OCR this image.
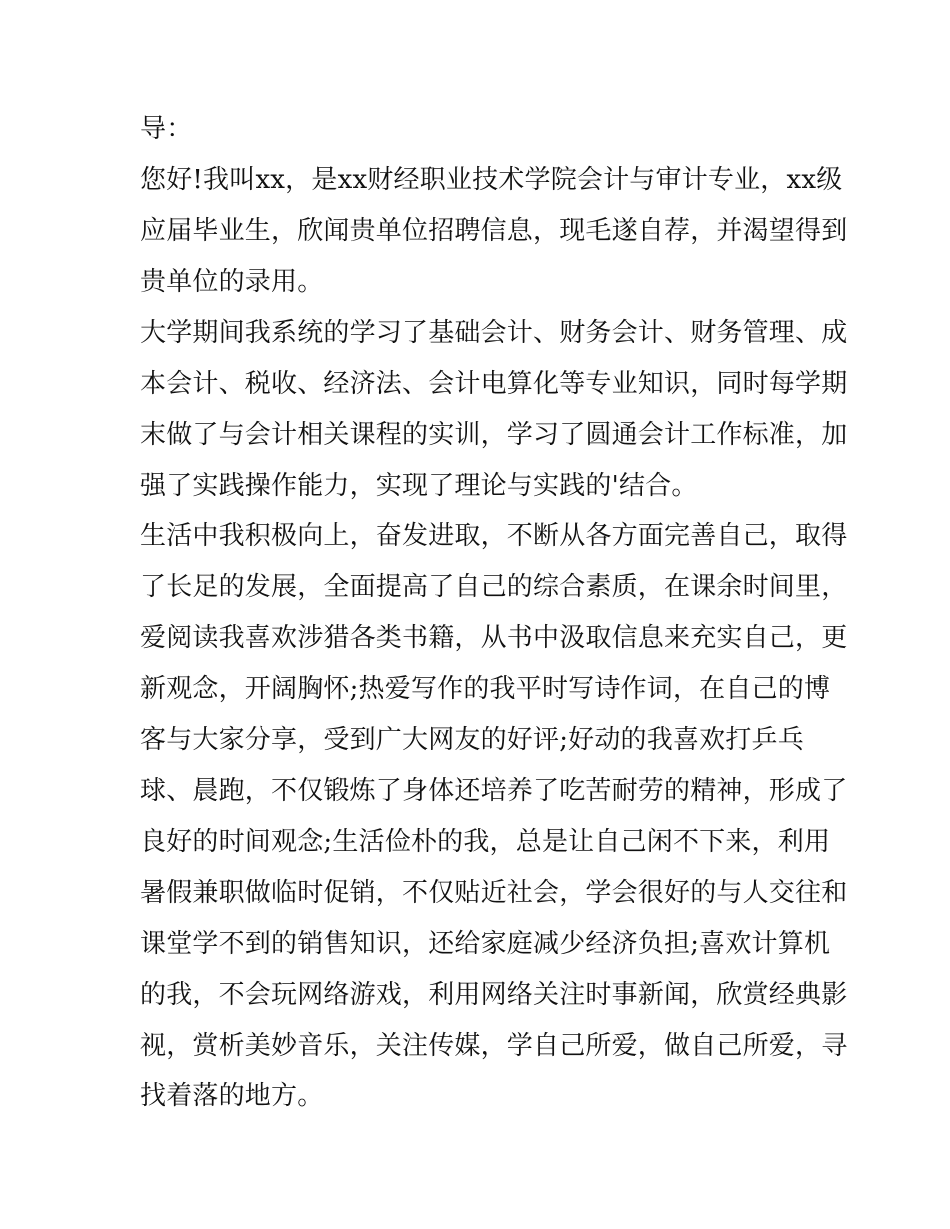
导：

您好!我叫xx，是xx财经职业技术学院会计与审计专业，xx级

应届毕业生，欣闻贵单位招聘信息，现毛遂自荐，并渴望得到

贵单位的录用。

大学期间我系统的学习了基础会计、财务会计、财务管理、成

本会计、税收、经济法、会计电算化等专业知识，同时每学期

末做了与会计相关课程的实训，学习了圆通会计工作标准，加

强了实践操作能力，实现了理论与实践的'结合。

生活中我积极向上，奋发进取，不断从各方面完善自己，取得

了长足的发展，全面提高了自己的综合素质，在课余时间里，

爱阅读我喜欢涉猎各类书籍，从书中汲取信息来充实自己，更

新观念，开阔胸怀;热爱写作的我平时写诗作词，在自己的博

客与大家分享，受到广大网友的好评;好动的我喜欢打乒乓

球、晨跑，不仅锻炼了身体还培养了吃苦耐劳的精神，形成了

良好的时间观念;生活俭朴的我，总是让自己闲不下来，利用

暑假兼职做临时促销，不仅贴近社会，学会很好的与人交往和

课堂学不到的销售知识，还给家庭减少经济负担;喜欢计算机

的我，不会玩网络游戏，利用网络关注时事新闻，欣赏经典影

视，赏析美妙音乐，关注传媒，学自己所爱，做自己所爱，寻

找着落的地方。
